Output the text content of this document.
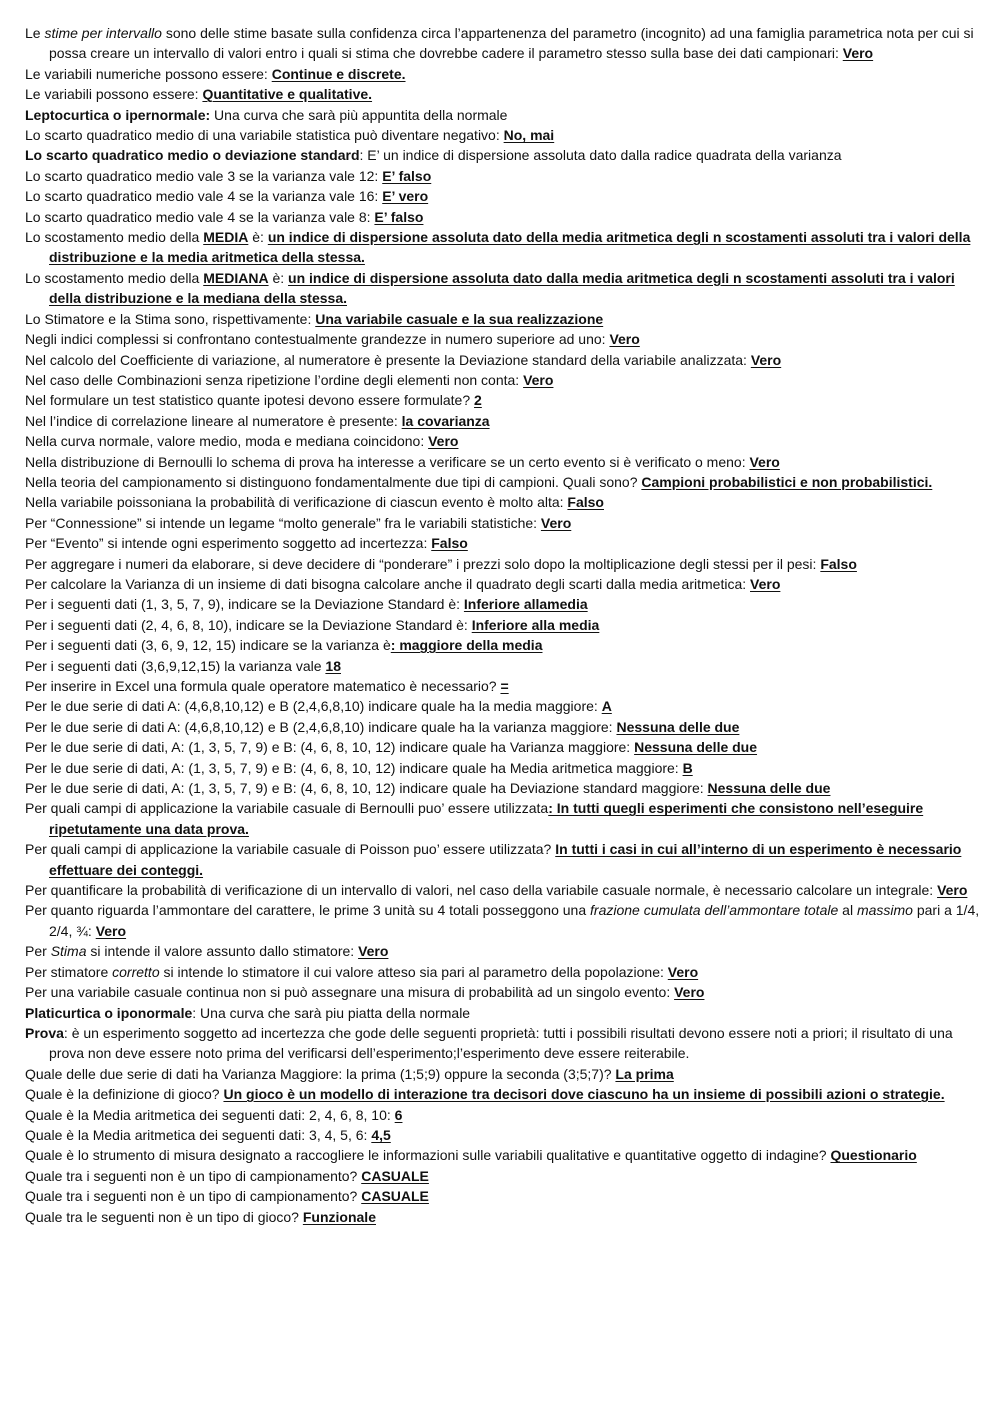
Le stime per intervallo sono delle stime basate sulla confidenza circa l’appartenenza del parametro (incognito) ad una famiglia parametrica nota per cui si possa creare un intervallo di valori entro i quali si stima che dovrebbe cadere il parametro stesso sulla base dei dati campionari: Vero

Le variabili numeriche possono essere: Continue e discrete.

Le variabili possono essere: Quantitative e qualitative.

Leptocurtica o ipernormale: Una curva che sarà più appuntita della normale

Lo scarto quadratico medio di una variabile statistica può diventare negativo: No, mai

Lo scarto quadratico medio o deviazione standard: E’ un indice di dispersione assoluta dato dalla radice quadrata della varianza

Lo scarto quadratico medio vale 3 se la varianza vale 12: E’ falso

Lo scarto quadratico medio vale 4 se la varianza vale 16: E’ vero

Lo scarto quadratico medio vale 4 se la varianza vale 8: E’ falso

Lo scostamento medio della MEDIA è: un indice di dispersione assoluta dato della media aritmetica degli n scostamenti assoluti tra i valori della distribuzione e la media aritmetica della stessa.

Lo scostamento medio della MEDIANA è: un indice di dispersione assoluta dato dalla media aritmetica degli n scostamenti assoluti tra i valori della distribuzione e la mediana della stessa.

Lo Stimatore e la Stima sono, rispettivamente: Una variabile casuale e la sua realizzazione

Negli indici complessi si confrontano contestualmente grandezze in numero superiore ad uno: Vero

Nel calcolo del Coefficiente di variazione, al numeratore è presente la Deviazione standard della variabile analizzata: Vero

Nel caso delle Combinazioni senza ripetizione l’ordine degli elementi non conta: Vero

Nel formulare un test statistico quante ipotesi devono essere formulate? 2

Nel l’indice di correlazione lineare al numeratore è presente: la covarianza

Nella curva normale, valore medio, moda e mediana coincidono: Vero

Nella distribuzione di Bernoulli lo schema di prova ha interesse a verificare se un certo evento si è verificato o meno: Vero

Nella teoria del campionamento si distinguono fondamentalmente due tipi di campioni. Quali sono? Campioni probabilistici e non probabilistici.

Nella variabile poissoniana la probabilità di verificazione di ciascun evento è molto alta: Falso

Per “Connessione” si intende un legame “molto generale” fra le variabili statistiche: Vero

Per “Evento” si intende ogni esperimento soggetto ad incertezza: Falso

Per aggregare i numeri da elaborare, si deve decidere di “ponderare” i prezzi solo dopo la moltiplicazione degli stessi per il pesi: Falso

Per calcolare la Varianza di un insieme di dati bisogna calcolare anche il quadrato degli scarti dalla media aritmetica: Vero

Per i seguenti dati (1, 3, 5, 7, 9), indicare se la Deviazione Standard è: Inferiore allamedia

Per i seguenti dati (2, 4, 6, 8, 10), indicare se la Deviazione Standard è: Inferiore alla media

Per i seguenti dati (3, 6, 9, 12, 15) indicare se la varianza è: maggiore della media

Per i seguenti dati (3,6,9,12,15) la varianza vale 18

Per inserire in Excel una formula quale operatore matematico è necessario? =

Per le due serie di dati A: (4,6,8,10,12) e B (2,4,6,8,10) indicare quale ha la media maggiore: A

Per le due serie di dati A: (4,6,8,10,12) e B (2,4,6,8,10) indicare quale ha la varianza maggiore: Nessuna delle due

Per le due serie di dati, A: (1, 3, 5, 7, 9) e B: (4, 6, 8, 10, 12) indicare quale ha Varianza maggiore: Nessuna delle due

Per le due serie di dati, A: (1, 3, 5, 7, 9) e B: (4, 6, 8, 10, 12) indicare quale ha Media aritmetica maggiore: B

Per le due serie di dati, A: (1, 3, 5, 7, 9) e B: (4, 6, 8, 10, 12) indicare quale ha Deviazione standard maggiore: Nessuna delle due

Per quali campi di applicazione la variabile casuale di Bernoulli puo’ essere utilizzata: In tutti quegli esperimenti che consistono nell’eseguire ripetutamente una data prova.

Per quali campi di applicazione la variabile casuale di Poisson puo’ essere utilizzata? In tutti i casi in cui all’interno di un esperimento è necessario effettuare dei conteggi.

Per quantificare la probabilità di verificazione di un intervallo di valori, nel caso della variabile casuale normale, è necessario calcolare un integrale: Vero

Per quanto riguarda l’ammontare del carattere, le prime 3 unità su 4 totali posseggono una frazione cumulata dell’ammontare totale al massimo pari a 1/4, 2/4, ¾: Vero

Per Stima si intende il valore assunto dallo stimatore: Vero

Per stimatore corretto si intende lo stimatore il cui valore atteso sia pari al parametro della popolazione: Vero

Per una variabile casuale continua non si può assegnare una misura di probabilità ad un singolo evento: Vero

Platicurtica o iponormale: Una curva che sarà piu piatta della normale

Prova: è un esperimento soggetto ad incertezza che gode delle seguenti proprietà: tutti i possibili risultati devono essere noti a priori; il risultato di una prova non deve essere noto prima del verificarsi dell’esperimento;l’esperimento deve essere reiterabile.

Quale delle due serie di dati ha Varianza Maggiore: la prima (1;5;9) oppure la seconda (3;5;7)? La prima

Quale è la definizione di gioco? Un gioco è un modello di interazione tra decisori dove ciascuno ha un insieme di possibili azioni o strategie.

Quale è la Media aritmetica dei seguenti dati: 2, 4, 6, 8, 10: 6

Quale è la Media aritmetica dei seguenti dati: 3, 4, 5, 6: 4,5

Quale è lo strumento di misura designato a raccogliere le informazioni sulle variabili qualitative e quantitative oggetto di indagine? Questionario

Quale tra i seguenti non è un tipo di campionamento? CASUALE

Quale tra i seguenti non è un tipo di campionamento? CASUALE

Quale tra le seguenti non è un tipo di gioco? Funzionale
